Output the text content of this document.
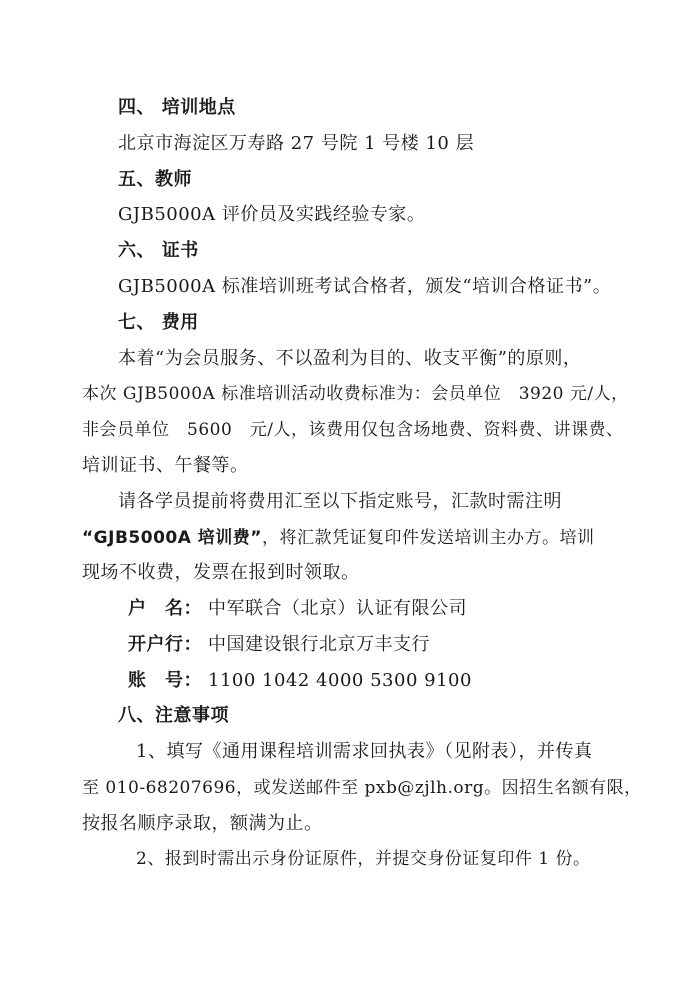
四、 培训地点
北京市海淀区万寿路 27 号院 1 号楼 10 层
五、教师
GJB5000A 评价员及实践经验专家。
六、 证书
GJB5000A 标准培训班考试合格者，颁发“培训合格证书”。
七、 费用
本着“为会员服务、不以盈利为目的、收支平衡”的原则，
本次 GJB5000A 标准培训活动收费标准为：会员单位　3920 元/人，
非会员单位　5600　元/人，该费用仅包含场地费、资料费、讲课费、
培训证书、午餐等。
请各学员提前将费用汇至以下指定账号，汇款时需注明
“GJB5000A 培训费”，将汇款凭证复印件发送培训主办方。培训
现场不收费，发票在报到时领取。
户　名： 中军联合（北京）认证有限公司
开户行： 中国建设银行北京万丰支行
账　号： 1100 1042 4000 5300 9100
八、注意事项
1、填写《通用课程培训需求回执表》（见附表），并传真
至 010-68207696，或发送邮件至 pxb@zjlh.org。因招生名额有限，
按报名顺序录取，额满为止。
2、报到时需出示身份证原件，并提交身份证复印件 1 份。
